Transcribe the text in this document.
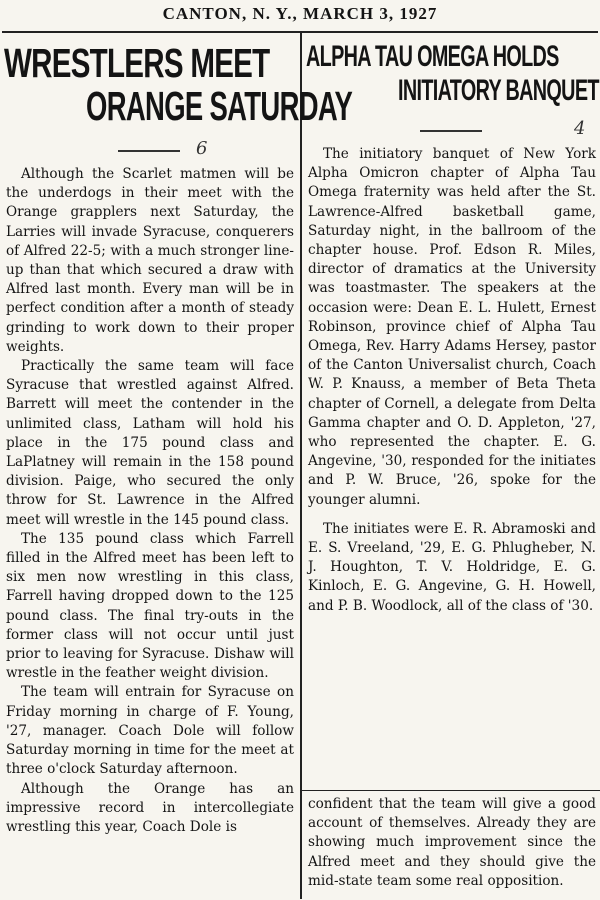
CANTON, N. Y., MARCH 3, 1927
WRESTLERS MEET
ORANGE SATURDAY
6

Although the Scarlet matmen will be the underdogs in their meet with the Orange grapplers next Saturday, the Larries will invade Syracuse, conquerers of Alfred 22-5; with a much stronger line-up than that which secured a draw with Alfred last month. Every man will be in perfect condition after a month of steady grinding to work down to their proper weights.

Practically the same team will face Syracuse that wrestled against Alfred. Barrett will meet the contender in the unlimited class, Latham will hold his place in the 175 pound class and LaPlatney will remain in the 158 pound division. Paige, who secured the only throw for St. Lawrence in the Alfred meet will wrestle in the 145 pound class.

The 135 pound class which Farrell filled in the Alfred meet has been left to six men now wrestling in this class, Farrell having dropped down to the 125 pound class. The final try-outs in the former class will not occur until just prior to leaving for Syracuse. Dishaw will wrestle in the feather weight division.

The team will entrain for Syracuse on Friday morning in charge of F. Young, '27, manager. Coach Dole will follow Saturday morning in time for the meet at three o'clock Saturday afternoon.

Although the Orange has an impressive record in intercollegiate wrestling this year, Coach Dole is

ALPHA TAU OMEGA HOLDS
INITIATORY BANQUET
4

The initiatory banquet of New York Alpha Omicron chapter of Alpha Tau Omega fraternity was held after the St. Lawrence-Alfred basketball game, Saturday night, in the ballroom of the chapter house. Prof. Edson R. Miles, director of dramatics at the University was toastmaster. The speakers at the occasion were: Dean E. L. Hulett, Ernest Robinson, province chief of Alpha Tau Omega, Rev. Harry Adams Hersey, pastor of the Canton Universalist church, Coach W. P. Knauss, a member of Beta Theta chapter of Cornell, a delegate from Delta Gamma chapter and O. D. Appleton, '27, who represented the chapter. E. G. Angevine, '30, responded for the initiates and P. W. Bruce, '26, spoke for the younger alumni.

The initiates were E. R. Abramoski and E. S. Vreeland, '29, E. G. Phlugheber, N. J. Houghton, T. V. Holdridge, E. G. Kinloch, E. G. Angevine, G. H. Howell, and P. B. Woodlock, all of the class of '30.

confident that the team will give a good account of themselves. Already they are showing much improvement since the Alfred meet and they should give the mid-state team some real opposition.
